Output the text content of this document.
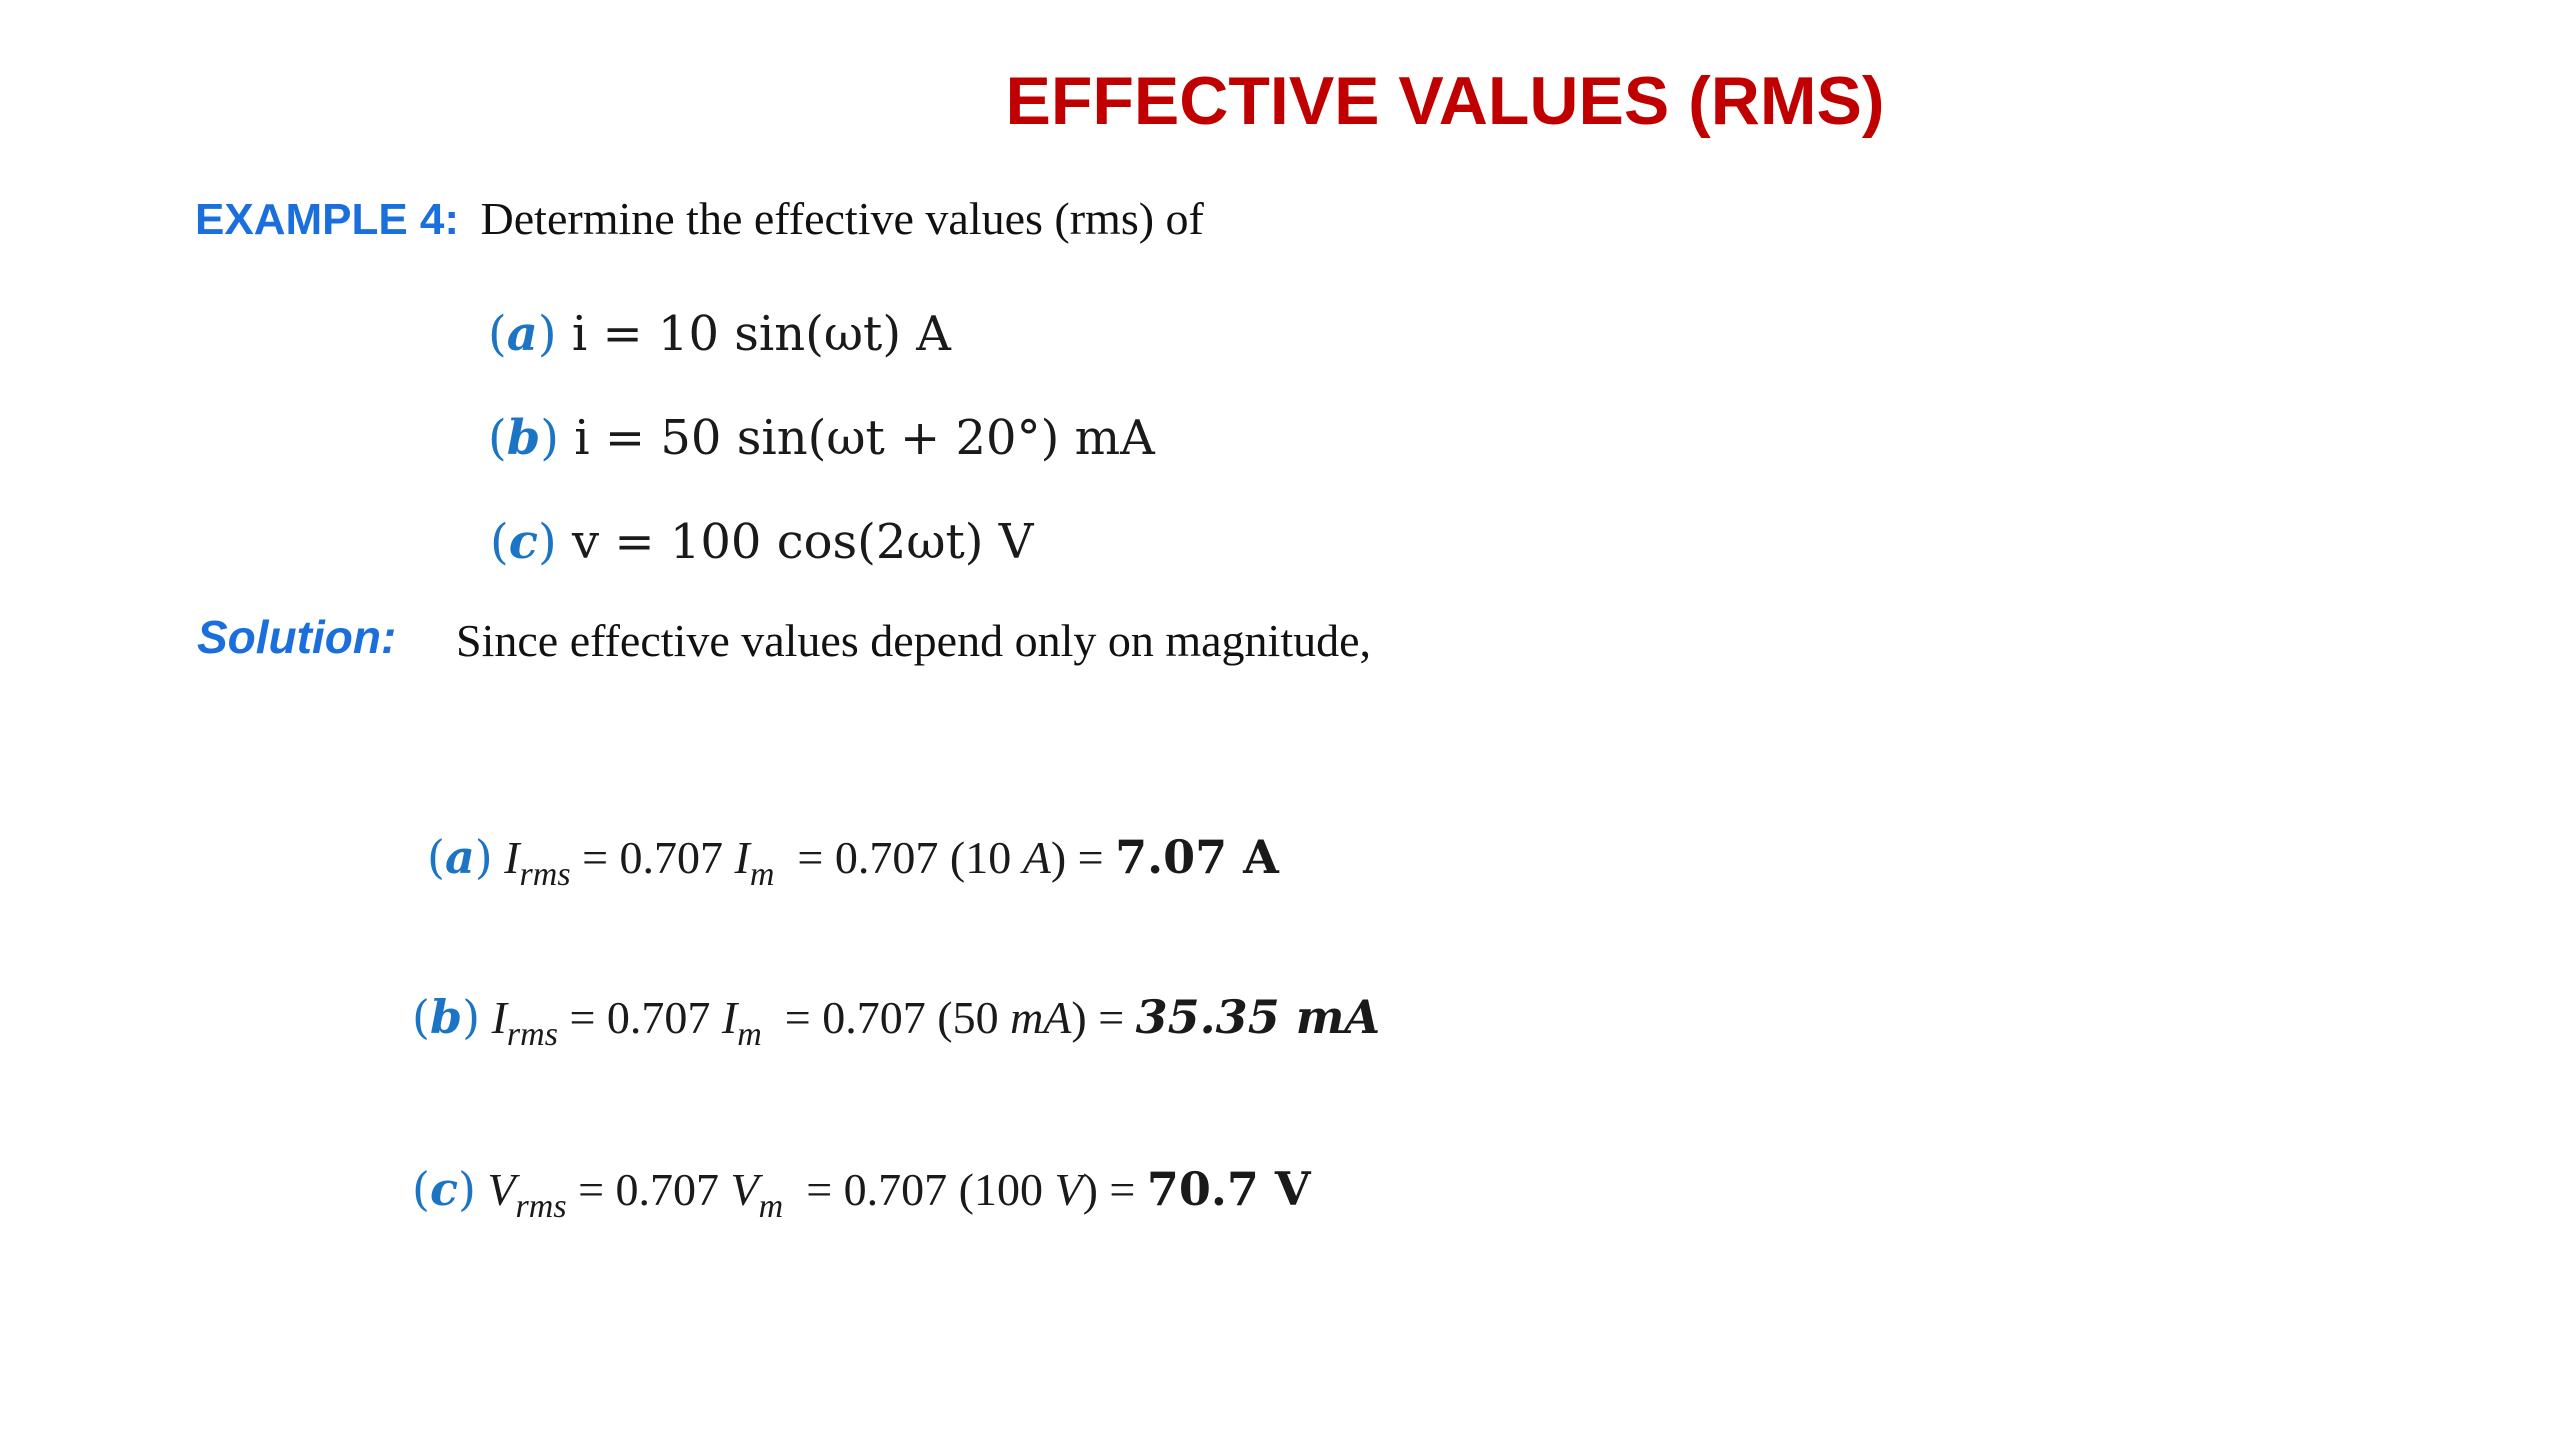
EFFECTIVE VALUES (RMS)
EXAMPLE 4: Determine the effective values (rms) of
(a) i = 10 sin(ωt) A
(b) i = 50 sin(ωt + 20°) mA
(c) v = 100 cos(2ωt) V
Solution: Since effective values depend only on magnitude,
(a) $I_{rms} = 0.707$ $I_m = 0.707$ (10 A) = 7.07 A
(b) $I_{rms} = 0.707$ $I_m = 0.707$ (50 mA) = 35.35 mA
(c) $V_{rms} = 0.707$ $V_m = 0.707$ (100 V) = 70.7 V
